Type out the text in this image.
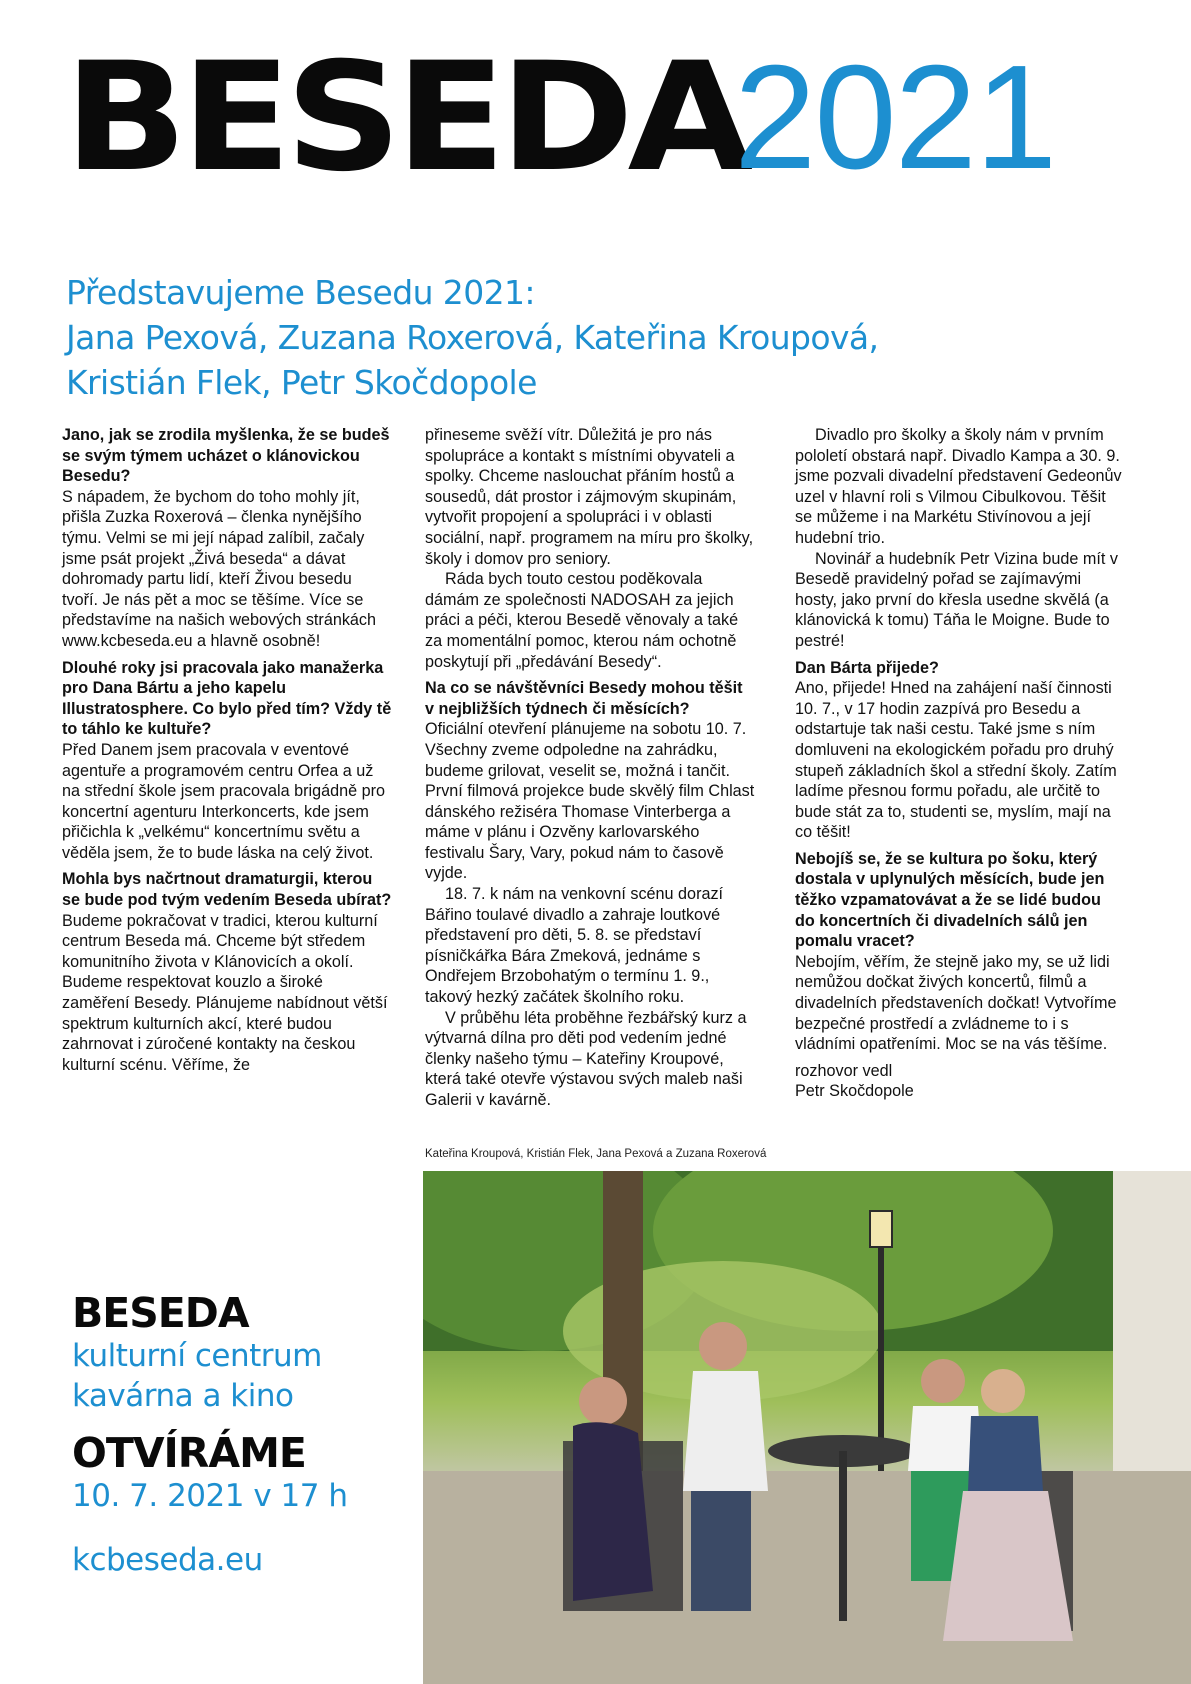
BESEDA
2021
Představujeme Besedu 2021:
Jana Pexová, Zuzana Roxerová, Kateřina Kroupová,
Kristián Flek, Petr Skočdopole

Jano, jak se zrodila myšlenka, že se budeš se svým týmem ucházet o klánovickou Besedu?

S nápadem, že bychom do toho mohly jít, přišla Zuzka Roxerová – členka nynějšího týmu. Velmi se mi její nápad zalíbil, začaly jsme psát projekt „Živá beseda“ a dávat dohromady partu lidí, kteří Živou besedu tvoří. Je nás pět a moc se těšíme. Více se představíme na našich webových stránkách www.kcbeseda.eu a hlavně osobně!

Dlouhé roky jsi pracovala jako manažerka pro Dana Bártu a jeho kapelu Illustratosphere. Co bylo před tím? Vždy tě to táhlo ke kultuře?

Před Danem jsem pracovala v eventové agentuře a programovém centru Orfea a už na střední škole jsem pracovala brigádně pro koncertní agenturu Interkoncerts, kde jsem přičichla k „velkému“ koncertnímu světu a věděla jsem, že to bude láska na celý život.

Mohla bys načrtnout dramaturgii, kterou se bude pod tvým vedením Beseda ubírat?

Budeme pokračovat v tradici, kterou kulturní centrum Beseda má. Chceme být středem komunitního života v Klánovicích a okolí. Budeme respektovat kouzlo a široké zaměření Besedy. Plánujeme nabídnout větší spektrum kulturních akcí, které budou zahrnovat i zúročené kontakty na českou kulturní scénu. Věříme, že

přineseme svěží vítr. Důležitá je pro nás spolupráce a kontakt s místními obyvateli a spolky. Chceme naslouchat přáním hostů a sousedů, dát prostor i zájmovým skupinám, vytvořit propojení a spolupráci i v oblasti sociální, např. programem na míru pro školky, školy i domov pro seniory.

Ráda bych touto cestou poděkovala dámám ze společnosti NADOSAH za jejich práci a péči, kterou Besedě věnovaly a také za momentální pomoc, kterou nám ochotně poskytují při „předávání Besedy“.

Na co se návštěvníci Besedy mohou těšit v nejbližších týdnech či měsících?

Oficiální otevření plánujeme na sobotu 10. 7. Všechny zveme odpoledne na zahrádku, budeme grilovat, veselit se, možná i tančit. První filmová projekce bude skvělý film Chlast dánského režiséra Thomase Vinterberga a máme v plánu i Ozvěny karlovarského festivalu Šary, Vary, pokud nám to časově vyjde.

18. 7. k nám na venkovní scénu dorazí Bářino toulavé divadlo a zahraje loutkové představení pro děti, 5. 8. se představí písničkářka Bára Zmeková, jednáme s Ondřejem Brzobohatým o termínu 1. 9., takový hezký začátek školního roku.

V průběhu léta proběhne řezbářský kurz a výtvarná dílna pro děti pod vedením jedné členky našeho týmu – Kateřiny Kroupové, která také otevře výstavou svých maleb naši Galerii v kavárně.

Divadlo pro školky a školy nám v prvním pololetí obstará např. Divadlo Kampa a 30. 9. jsme pozvali divadelní představení Gedeonův uzel v hlavní roli s Vilmou Cibulkovou. Těšit se můžeme i na Markétu Stivínovou a její hudební trio.

Novinář a hudebník Petr Vizina bude mít v Besedě pravidelný pořad se zajímavými hosty, jako první do křesla usedne skvělá (a klánovická k tomu) Táňa le Moigne. Bude to pestré!

Dan Bárta přijede?

Ano, přijede! Hned na zahájení naší činnosti 10. 7., v 17 hodin zazpívá pro Besedu a odstartuje tak naši cestu. Také jsme s ním domluveni na ekologickém pořadu pro druhý stupeň základních škol a střední školy. Zatím ladíme přesnou formu pořadu, ale určitě to bude stát za to, studenti se, myslím, mají na co těšit!

Nebojíš se, že se kultura po šoku, který dostala v uplynulých měsících, bude jen těžko vzpamatovávat a že se lidé budou do koncertních či divadelních sálů jen pomalu vracet?

Nebojím, věřím, že stejně jako my, se už lidi nemůžou dočkat živých koncertů, filmů a divadelních představeních dočkat! Vytvoříme bezpečné prostředí a zvládneme to i s vládními opatřeními. Moc se na vás těšíme.

rozhovor vedl

Petr Skočdopole

Kateřina Kroupová, Kristián Flek, Jana Pexová a Zuzana Roxerová
BESEDA
kulturní centrum
kavárna a kino
OTVÍRÁME
10. 7. 2021 v 17 h
kcbeseda.eu
